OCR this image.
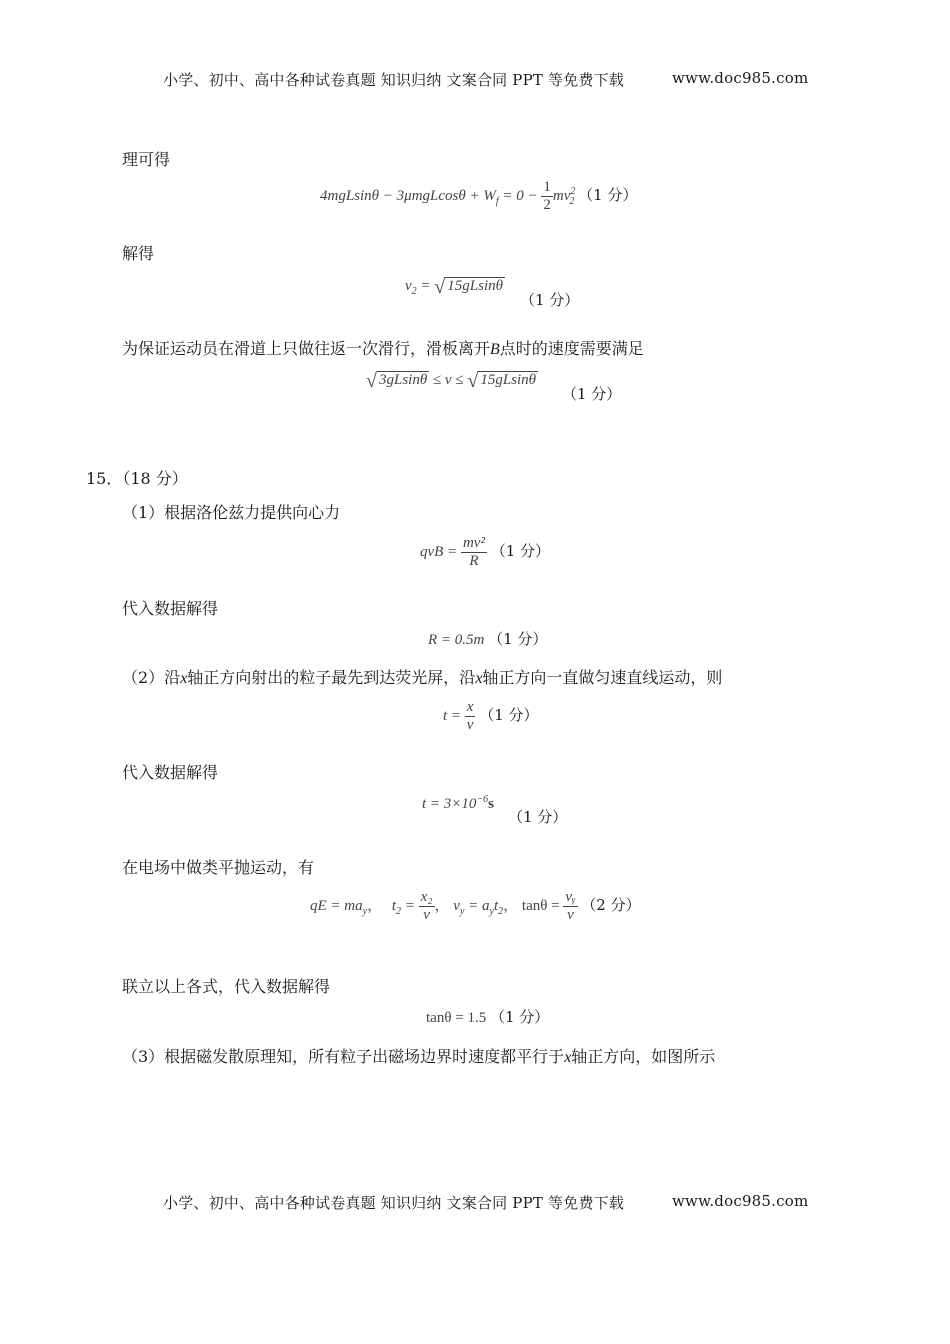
小学、初中、高中各种试卷真题 知识归纳 文案合同 PPT 等免费下载	www.doc985.com
理可得
$4mgLsin\theta - 3\mu mgLcos\theta + W_f = 0 - \frac{1}{2} mv^2_2$ （1 分）
解得
$v_2$ = √ 15gLsinθ
（1 分）
为保证运动员在滑道上只做往返一次滑行，滑板离开B点时的速度需要满足
√ 3gLsinθ ≤ v ≤ √ 15gLsinθ
（1 分）
15．（18 分）
（1）根据洛伦兹力提供向心力
qvB = $\frac{\text{mv²}}{R} (1$ 分）
代入数据解得
R = 0.5m （1 分）
（2）沿x轴正方向射出的粒子最先到达荧光屏，沿x轴正方向一直做匀速直线运动，则
$t = \frac{x}{v} (1$ 分）
代入数据解得
$t = 3\times 10^{-6}s$
（1 分）
在电场中做类平抛运动，有
qE = $ma_y$， $t_2 = \frac{\text{x₂}}{v}$ ， $v_y = a_yt_2$， $\tan\theta = \frac{\text{vᵧ}}{v} (2$ 分）
联立以上各式，代入数据解得
tanθ = 1.5 （1 分）
（3）根据磁发散原理知，所有粒子出磁场边界时速度都平行于x轴正方向，如图所示
小学、初中、高中各种试卷真题 知识归纳 文案合同 PPT 等免费下载	www.doc985.com
